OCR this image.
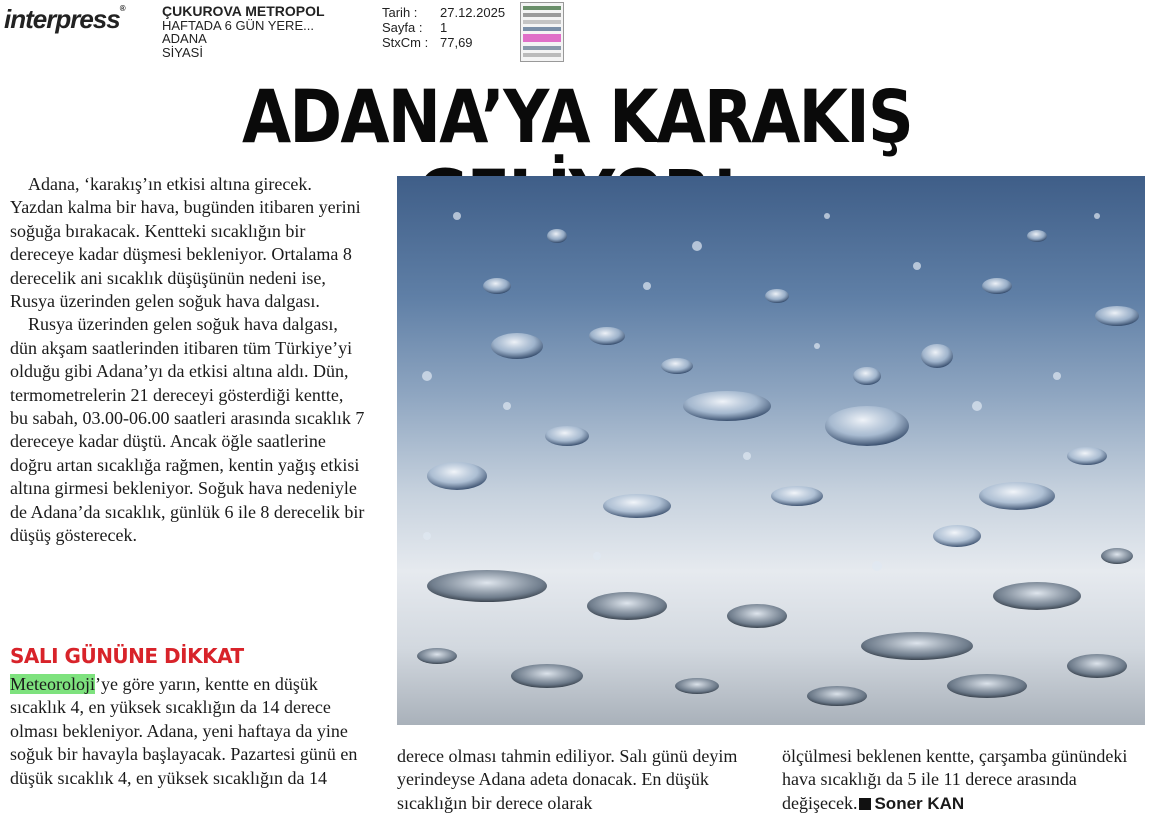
interpress®	ÇUKUROVA METROPOL
HAFTADA 6 GÜN YERE...
ADANA
SİYASİ
Tarih :	27.12.2025
Sayfa :	1
StxCm : 77,69
ADANA’YA KARAKIŞ

Adana, ‘karakış’ın etkisi altına girecek. Yazdan kalma bir hava, bugünden itibaren yerini soğuğa bırakacak. Kentteki sıcaklığın bir dereceye kadar düşmesi bekleniyor. Ortalama 8 derecelik ani sıcaklık düşüşünün nedeni ise, Rusya üzerinden gelen soğuk hava dalgası.

Rusya üzerinden gelen soğuk hava dalgası, dün akşam saatlerinden itibaren tüm Türkiye’yi olduğu gibi Adana’yı da etkisi altına aldı. Dün, termometrelerin 21 dereceyi gösterdiği kentte, bu sabah, 03.00-06.00 saatleri arasında sıcaklık 7 dereceye kadar düştü. Ancak öğle saatlerine doğru artan sıcaklığa rağmen, kentin yağış etkisi altına girmesi bekleniyor. Soğuk hava nedeniyle de Adana’da sıcaklık, günlük 6 ile 8 derecelik bir düşüş gösterecek.

SALI GÜNÜNE DİKKAT

Meteoroloji’ye göre yarın, kentte en düşük sıcaklık 4, en yüksek sıcaklığın da 14 derece olması bekleniyor. Adana, yeni haftaya da yine soğuk bir havayla başlayacak. Pazartesi günü en düşük sıcaklık 4, en yüksek sıcaklığın da 14

derece olması tahmin ediliyor. Salı günü deyim yerindeyse Adana adeta donacak. En düşük sıcaklığın bir derece olarak
ölçülmesi beklenen kentte, çarşamba günündeki hava sıcaklığı da 5 ile 11 derece arasında değişecek. Soner KAN
